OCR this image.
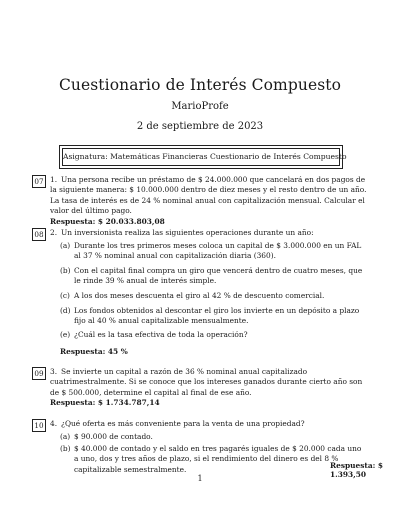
Cuestionario de Interés Compuesto
MarioProfe
2 de septiembre de 2023
Asignatura: Matemáticas Financieras Cuestionario de Interés Compuesto
07 1. Una persona recibe un préstamo de $ 24.000.000 que cancelará en dos pagos de la siguiente manera: $ 10.000.000 dentro de diez meses y el resto dentro de un año. La tasa de interés es de 24 % nominal anual con capitalización mensual. Calcular el valor del último pago.
Respuesta: $ 20.033.803,08
08 2. Un inversionista realiza las siguientes operaciones durante un año:
(a) Durante los tres primeros meses coloca un capital de $ 3.000.000 en un FAL al 37 % nominal anual con capitalización diaria (360).
(b) Con el capital final compra un giro que vencerá dentro de cuatro meses, que le rinde 39 % anual de interés simple.
(c) A los dos meses descuenta el giro al 42 % de descuento comercial.
(d) Los fondos obtenidos al descontar el giro los invierte en un depósito a plazo fijo al 40 % anual capitalizable mensualmente.
(e) ¿Cuál es la tasa efectiva de toda la operación?
Respuesta: 45 %
09 3. Se invierte un capital a razón de 36 % nominal anual capitalizado cuatrimestralmente. Si se conoce que los intereses ganados durante cierto año son de $ 500.000, determine el capital al final de ese año.
Respuesta: $ 1.734.787,14
10 4. ¿Qué oferta es más conveniente para la venta de una propiedad?
(a) $ 90.000 de contado.
(b) $ 40.000 de contado y el saldo en tres pagarés iguales de $ 20.000 cada uno a uno, dos y tres años de plazo, si el rendimiento del dinero es del 8 % capitalizable semestralmente.	Respuesta: $ 1.393,50
1
